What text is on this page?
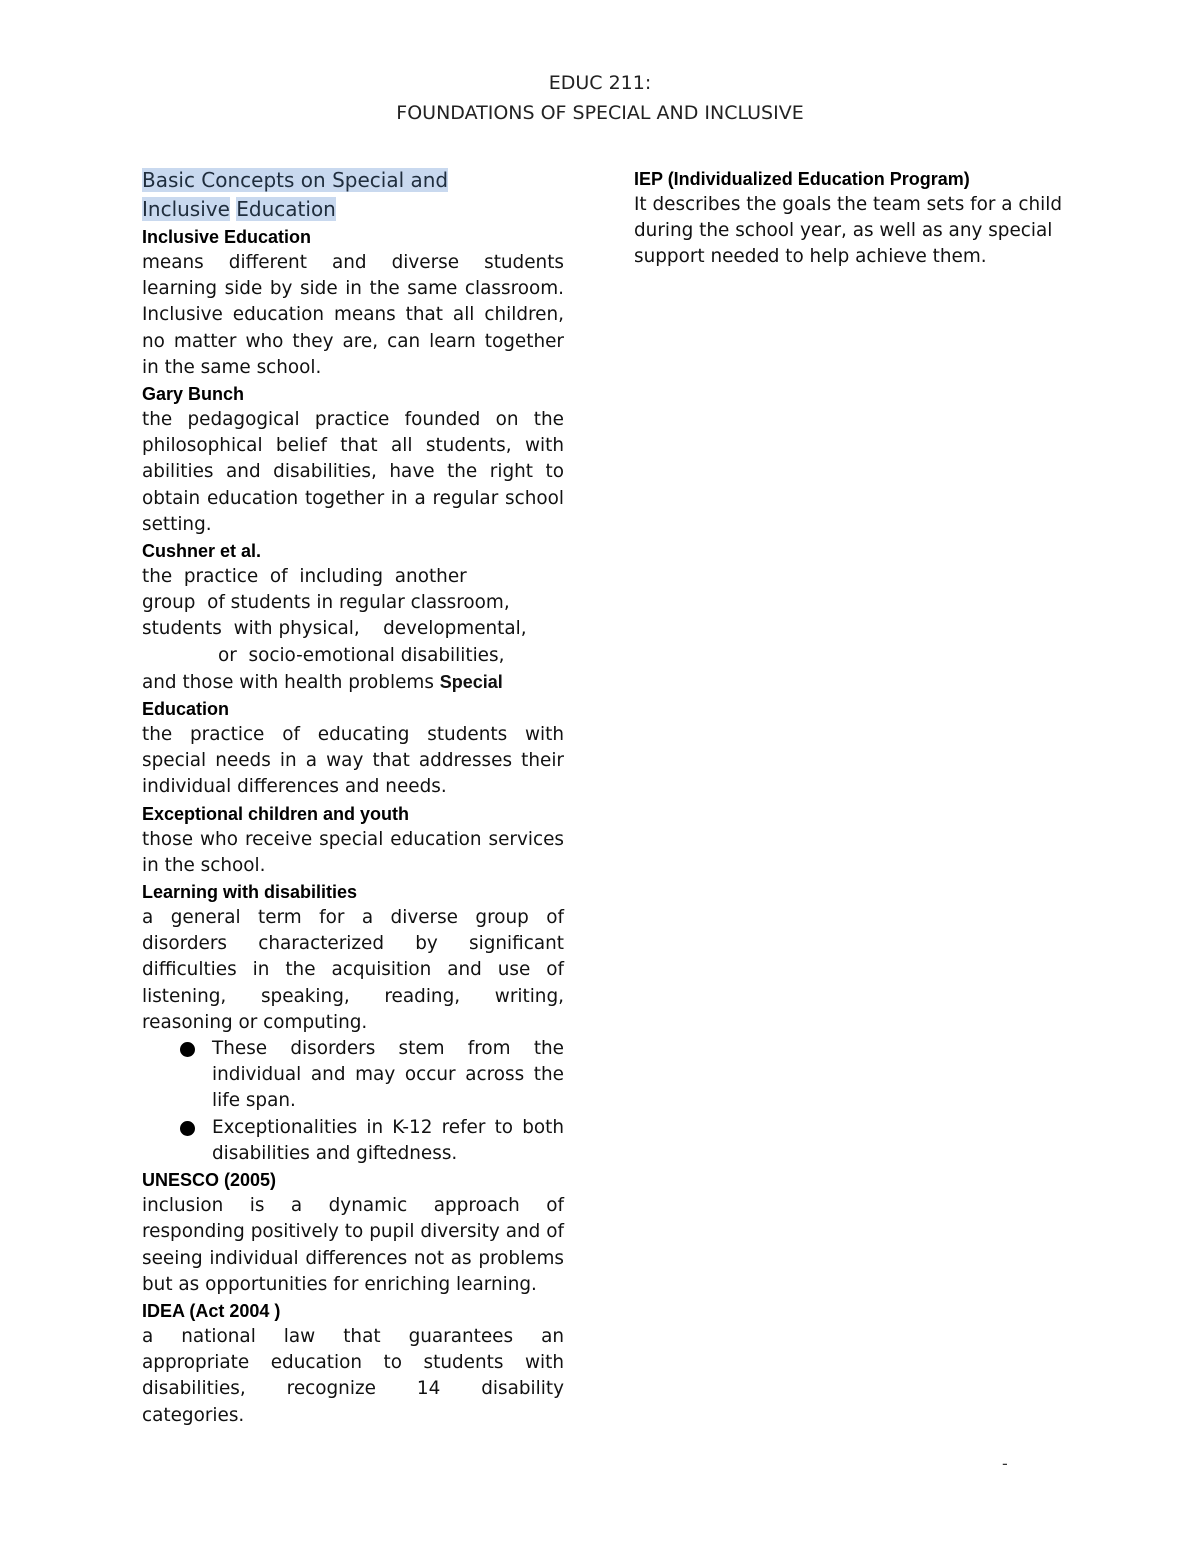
EDUC 211:
FOUNDATIONS OF SPECIAL AND INCLUSIVE

Basic Concepts on Special and
Inclusive Education

Inclusive Education

means different and diverse students learning side by side in the same classroom. Inclusive education means that all children, no matter who they are, can learn together in the same school.

Gary Bunch

the pedagogical practice founded on the philosophical belief that all students, with abilities and disabilities, have the right to obtain education together in a regular school setting.

Cushner et al.

the  practice  of  including  another
group  of students in regular classroom,
students  with physical,    developmental,
or  socio-emotional disabilities,
and those with health problems Special

Education

the practice of educating students with special needs in a way that addresses their individual differences and needs.

Exceptional children and youth

those who receive special education services in the school.

Learning with disabilities

a general term for a diverse group of disorders characterized by significant difficulties in the acquisition and use of listening, speaking, reading, writing, reasoning or computing.

These disorders stem from the individual and may occur across the life span.
Exceptionalities in K-12 refer to both disabilities and giftedness.

UNESCO (2005)

inclusion is a dynamic approach of responding positively to pupil diversity and of seeing individual differences not as problems but as opportunities for enriching learning.

IDEA (Act 2004 )

a national law that guarantees an appropriate education to students with disabilities, recognize 14 disability categories.

IEP (Individualized Education Program)

It describes the goals the team sets for a child during the school year, as well as any special support needed to help achieve them.

-
